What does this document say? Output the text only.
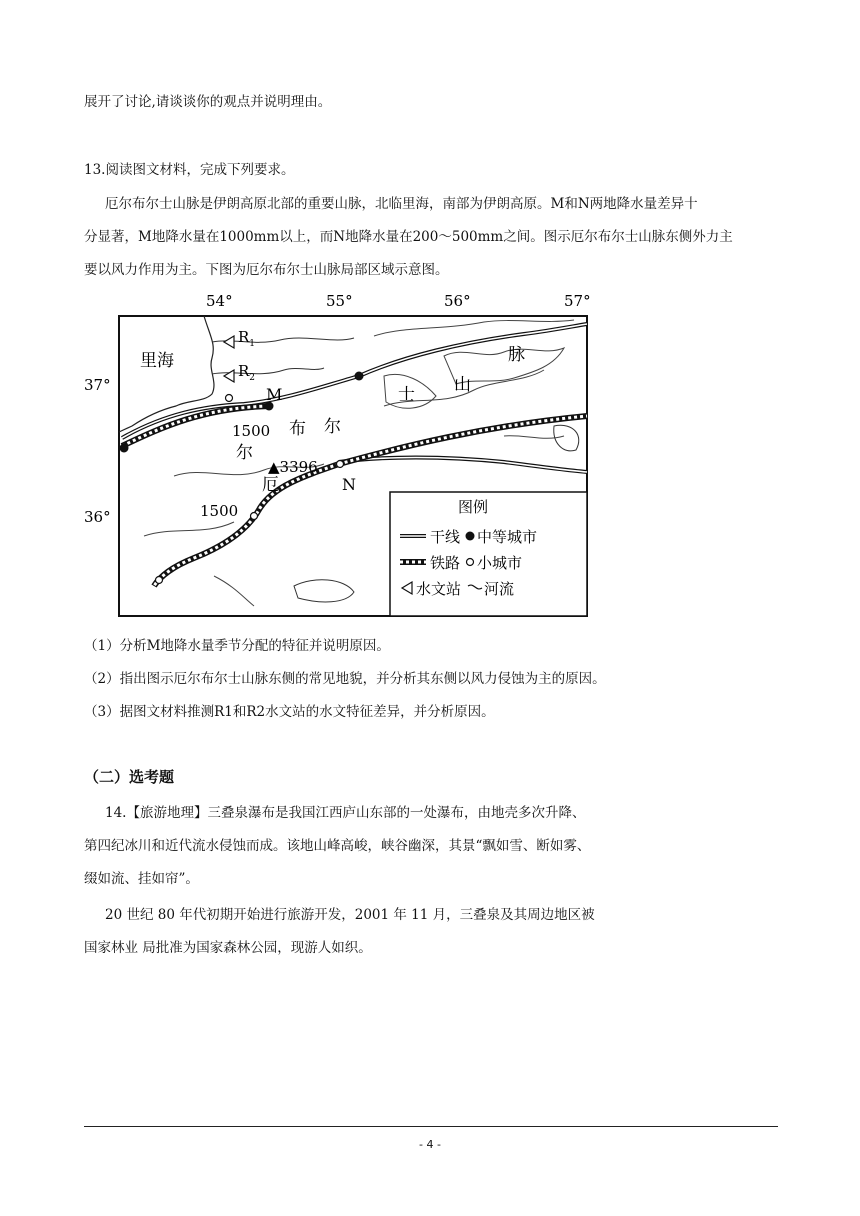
展开了讨论,请谈谈你的观点并说明理由。
13.阅读图文材料，完成下列要求。
厄尔布尔士山脉是伊朗高原北部的重要山脉，北临里海，南部为伊朗高原。M和N两地降水量差异十
分显著，M地降水量在1000mm以上，而N地降水量在200～500mm之间。图示厄尔布尔士山脉东侧外力主
要以风力作用为主。下图为厄尔布尔士山脉局部区域示意图。
54°	55°	56°	57°
37°
36°
$R_1$
$R_2$
里海
M
N
1500
1500
▲3396
厄
尔
布 尔
士 山
脉
图例
干线 中等城市
铁路 小城市
水文站 河流
（1）分析M地降水量季节分配的特征并说明原因。
（2）指出图示厄尔布尔士山脉东侧的常见地貌，并分析其东侧以风力侵蚀为主的原因。
（3）据图文材料推测R1和R2水文站的水文特征差异，并分析原因。
（二）选考题
14.【旅游地理】三叠泉瀑布是我国江西庐山东部的一处瀑布，由地壳多次升降、
第四纪冰川和近代流水侵蚀而成。该地山峰高峻，峡谷幽深，其景“飘如雪、断如雾、
缀如流、挂如帘”。
20 世纪 80 年代初期开始进行旅游开发，2001 年 11 月，三叠泉及其周边地区被
国家林业 局批准为国家森林公园，现游人如织。
- 4 -
